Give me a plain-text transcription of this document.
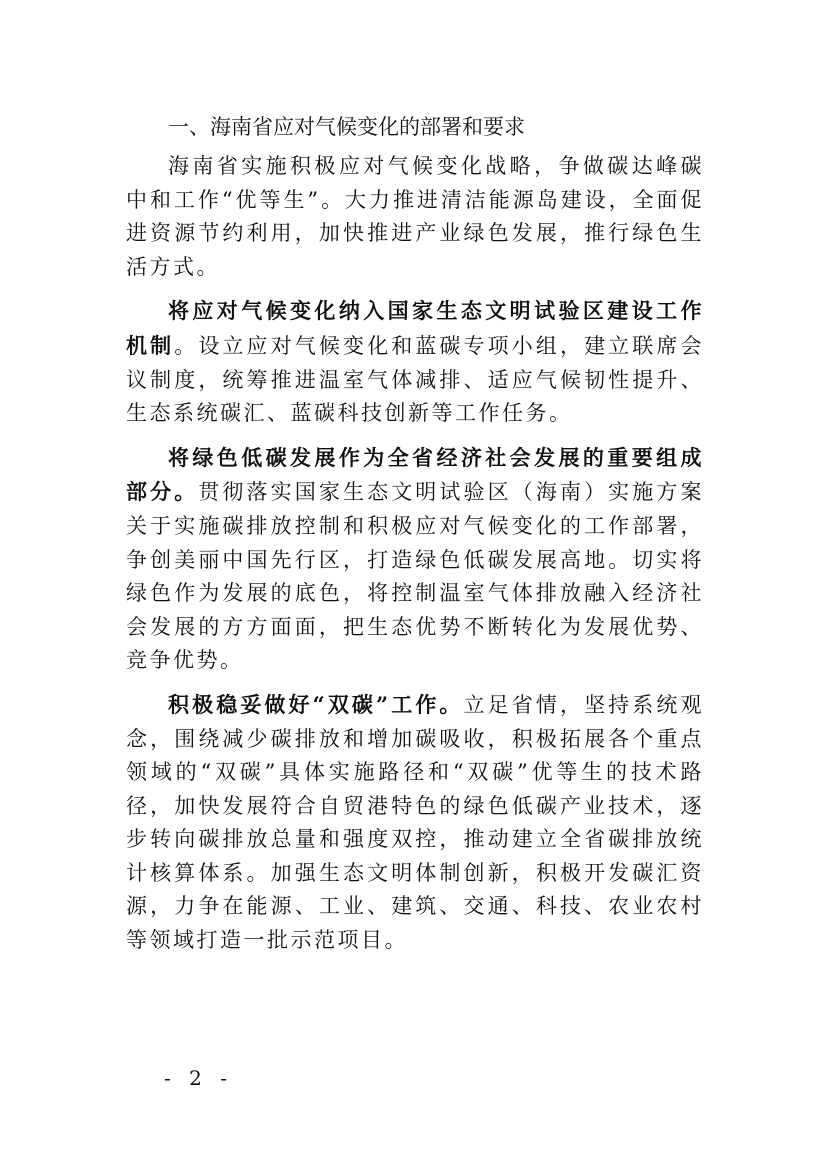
一、海南省应对气候变化的部署和要求

海南省实施积极应对气候变化战略，争做碳达峰碳中和工作“优等生”。大力推进清洁能源岛建设，全面促进资源节约利用，加快推进产业绿色发展，推行绿色生活方式。

将应对气候变化纳入国家生态文明试验区建设工作机制。设立应对气候变化和蓝碳专项小组，建立联席会议制度，统筹推进温室气体减排、适应气候韧性提升、生态系统碳汇、蓝碳科技创新等工作任务。

将绿色低碳发展作为全省经济社会发展的重要组成部分。贯彻落实国家生态文明试验区（海南）实施方案关于实施碳排放控制和积极应对气候变化的工作部署，争创美丽中国先行区，打造绿色低碳发展高地。切实将绿色作为发展的底色，将控制温室气体排放融入经济社会发展的方方面面，把生态优势不断转化为发展优势、竞争优势。

积极稳妥做好“双碳”工作。立足省情，坚持系统观念，围绕减少碳排放和增加碳吸收，积极拓展各个重点领域的“双碳”具体实施路径和“双碳”优等生的技术路径，加快发展符合自贸港特色的绿色低碳产业技术，逐步转向碳排放总量和强度双控，推动建立全省碳排放统计核算体系。加强生态文明体制创新，积极开发碳汇资源，力争在能源、工业、建筑、交通、科技、农业农村等领域打造一批示范项目。

- 2 -
